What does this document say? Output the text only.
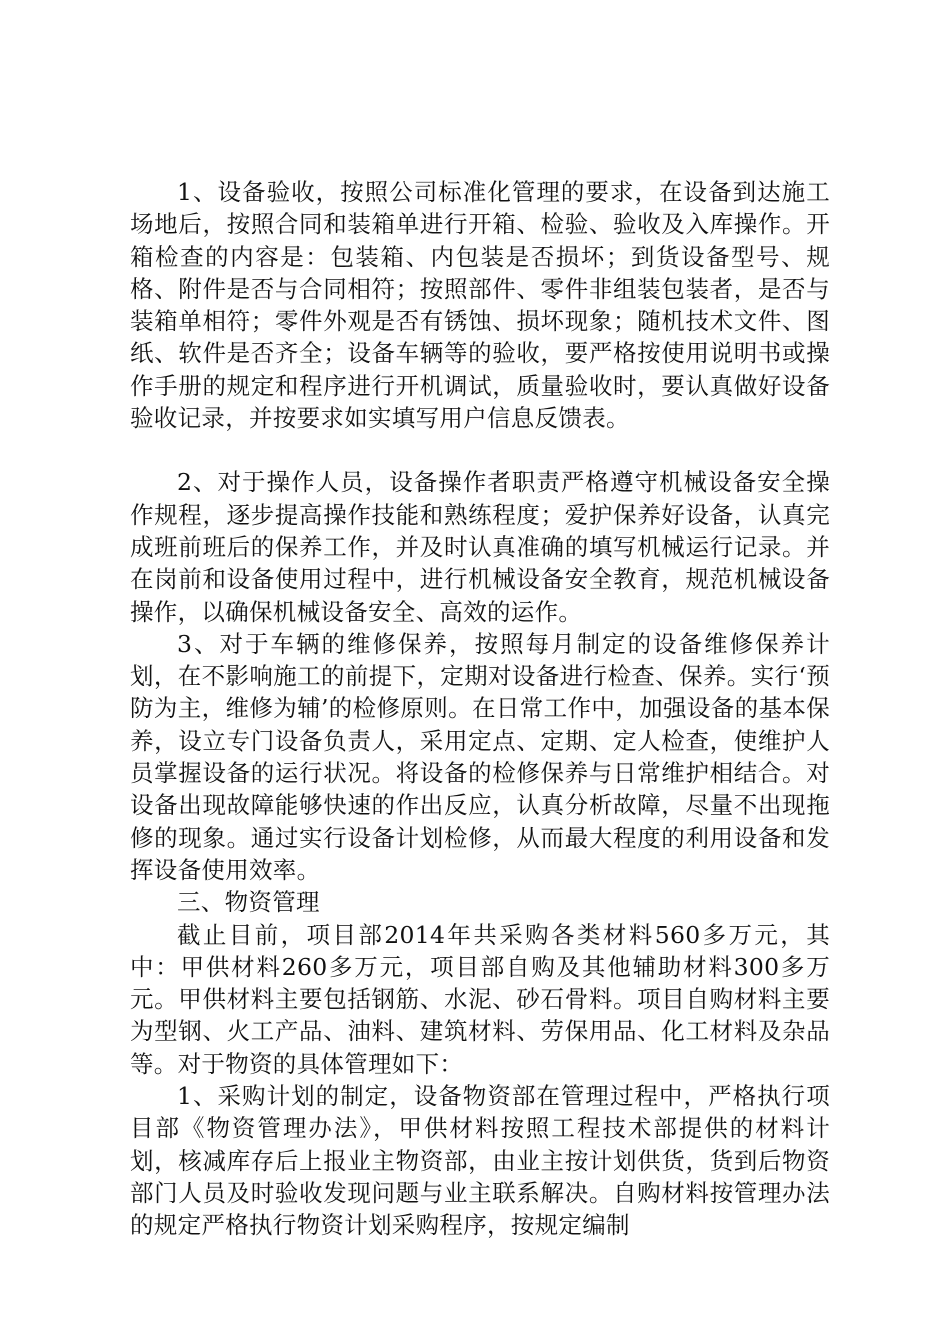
1、设备验收，按照公司标准化管理的要求，在设备到达施工场地后，按照合同和装箱单进行开箱、检验、验收及入库操作。开箱检查的内容是：包装箱、内包装是否损坏；到货设备型号、规格、附件是否与合同相符；按照部件、零件非组装包装者，是否与装箱单相符；零件外观是否有锈蚀、损坏现象；随机技术文件、图纸、软件是否齐全；设备车辆等的验收，要严格按使用说明书或操作手册的规定和程序进行开机调试，质量验收时，要认真做好设备验收记录，并按要求如实填写用户信息反馈表。

2、对于操作人员，设备操作者职责严格遵守机械设备安全操作规程，逐步提高操作技能和熟练程度；爱护保养好设备，认真完成班前班后的保养工作，并及时认真准确的填写机械运行记录。并在岗前和设备使用过程中，进行机械设备安全教育，规范机械设备操作，以确保机械设备安全、高效的运作。

3、对于车辆的维修保养，按照每月制定的设备维修保养计划，在不影响施工的前提下，定期对设备进行检查、保养。实行‘预防为主，维修为辅’的检修原则。在日常工作中，加强设备的基本保养，设立专门设备负责人，采用定点、定期、定人检查，使维护人员掌握设备的运行状况。将设备的检修保养与日常维护相结合。对设备出现故障能够快速的作出反应，认真分析故障，尽量不出现拖修的现象。通过实行设备计划检修，从而最大程度的利用设备和发挥设备使用效率。

三、物资管理

截止目前，项目部2014年共采购各类材料560多万元，其中：甲供材料260多万元，项目部自购及其他辅助材料300多万元。甲供材料主要包括钢筋、水泥、砂石骨料。项目自购材料主要为型钢、火工产品、油料、建筑材料、劳保用品、化工材料及杂品等。对于物资的具体管理如下：

1、采购计划的制定，设备物资部在管理过程中，严格执行项目部《物资管理办法》，甲供材料按照工程技术部提供的材料计划，核减库存后上报业主物资部，由业主按计划供货，货到后物资部门人员及时验收发现问题与业主联系解决。自购材料按管理办法的规定严格执行物资计划采购程序，按规定编制
